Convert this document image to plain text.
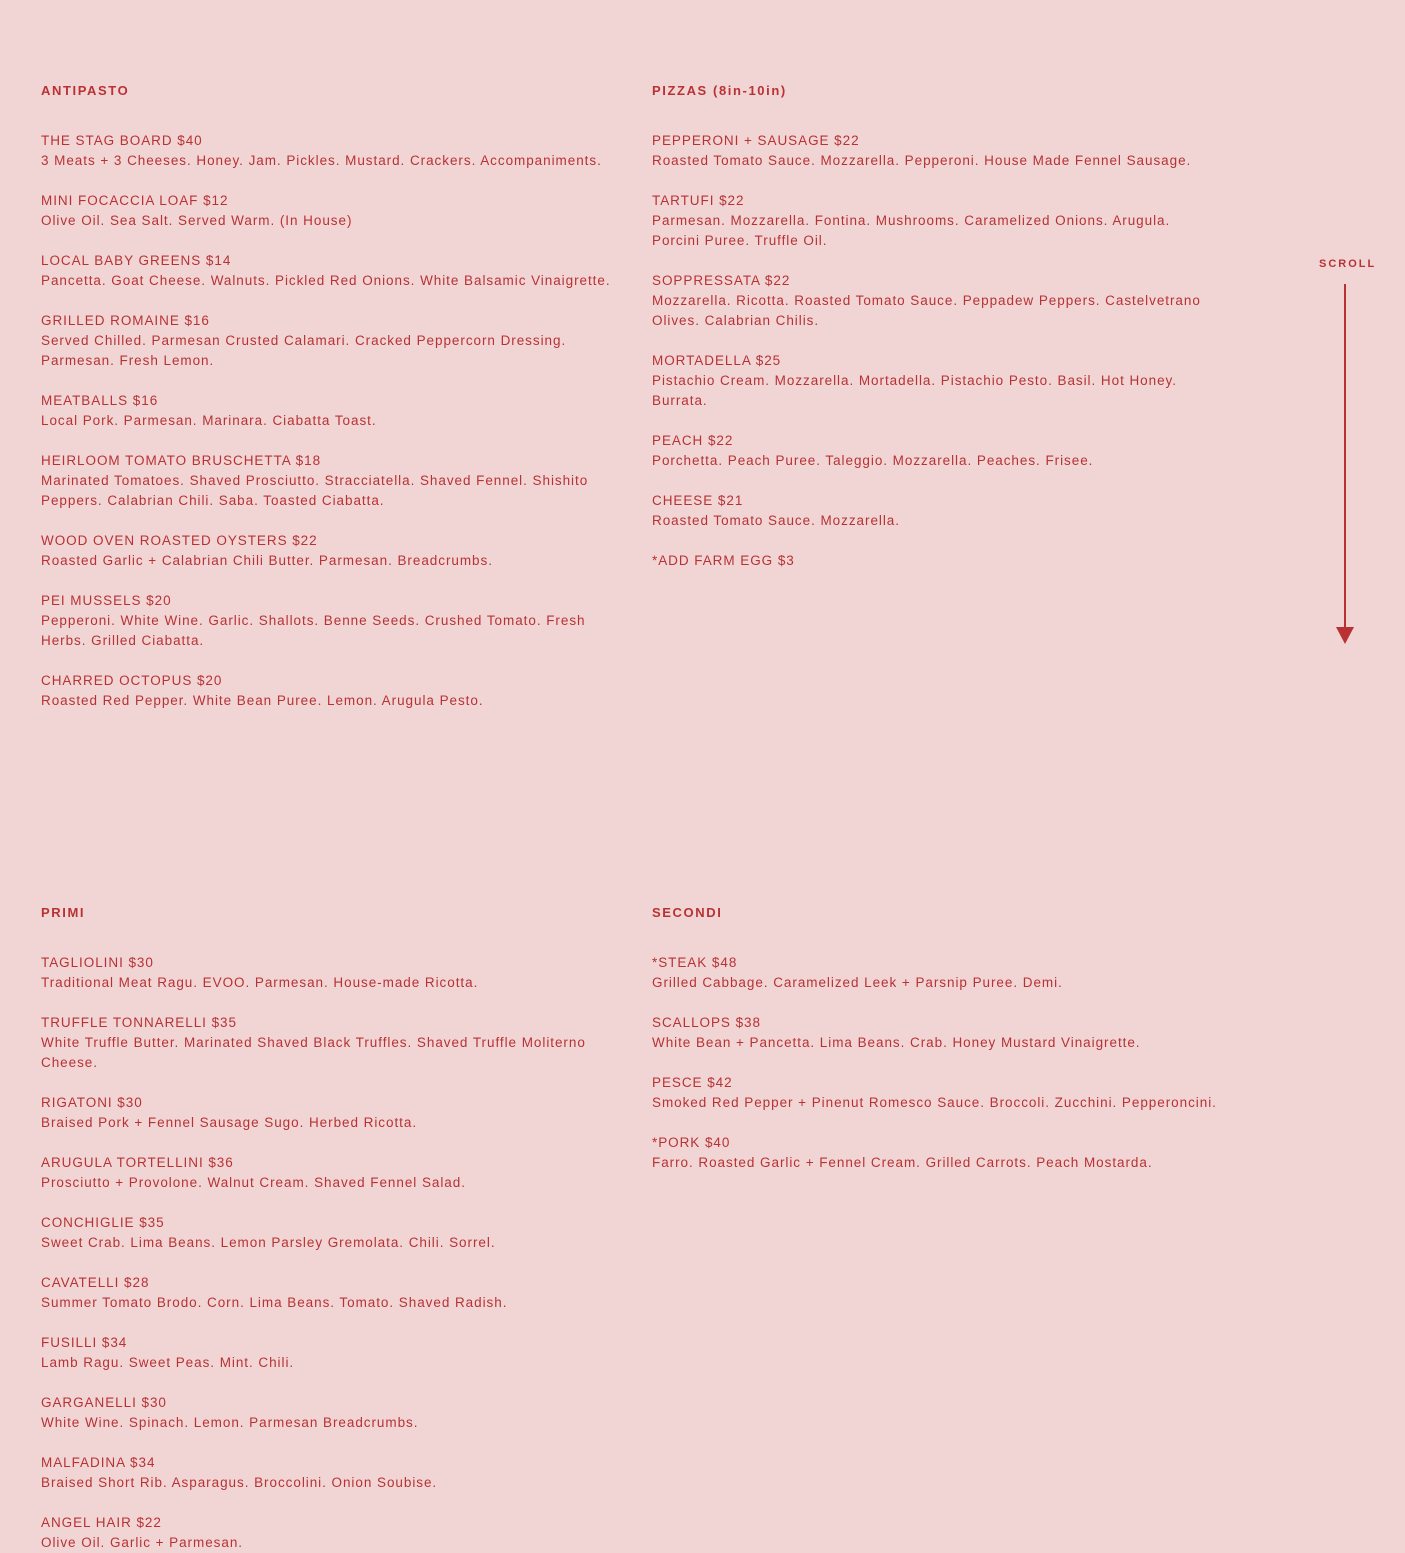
ANTIPASTO
THE STAG BOARD $40
3 Meats + 3 Cheeses. Honey. Jam. Pickles. Mustard. Crackers. Accompaniments.
MINI FOCACCIA LOAF $12
Olive Oil. Sea Salt. Served Warm. (In House)
LOCAL BABY GREENS $14
Pancetta. Goat Cheese. Walnuts. Pickled Red Onions. White Balsamic Vinaigrette.
GRILLED ROMAINE $16
Served Chilled. Parmesan Crusted Calamari. Cracked Peppercorn Dressing. Parmesan. Fresh Lemon.
MEATBALLS $16
Local Pork. Parmesan. Marinara. Ciabatta Toast.
HEIRLOOM TOMATO BRUSCHETTA $18
Marinated Tomatoes. Shaved Prosciutto. Stracciatella. Shaved Fennel. Shishito Peppers. Calabrian Chili. Saba. Toasted Ciabatta.
WOOD OVEN ROASTED OYSTERS $22
Roasted Garlic + Calabrian Chili Butter. Parmesan. Breadcrumbs.
PEI MUSSELS $20
Pepperoni. White Wine. Garlic. Shallots. Benne Seeds. Crushed Tomato. Fresh Herbs. Grilled Ciabatta.
CHARRED OCTOPUS $20
Roasted Red Pepper. White Bean Puree. Lemon. Arugula Pesto.
PIZZAS (8in-10in)
PEPPERONI + SAUSAGE $22
Roasted Tomato Sauce. Mozzarella. Pepperoni. House Made Fennel Sausage.
TARTUFI $22
Parmesan. Mozzarella. Fontina. Mushrooms. Caramelized Onions. Arugula. Porcini Puree. Truffle Oil.
SOPPRESSATA $22
Mozzarella. Ricotta. Roasted Tomato Sauce. Peppadew Peppers. Castelvetrano Olives. Calabrian Chilis.
MORTADELLA $25
Pistachio Cream. Mozzarella. Mortadella. Pistachio Pesto. Basil. Hot Honey. Burrata.
PEACH $22
Porchetta. Peach Puree. Taleggio. Mozzarella. Peaches. Frisee.
CHEESE $21
Roasted Tomato Sauce. Mozzarella.
*ADD FARM EGG $3
PRIMI
TAGLIOLINI $30
Traditional Meat Ragu. EVOO. Parmesan. House-made Ricotta.
TRUFFLE TONNARELLI $35
White Truffle Butter. Marinated Shaved Black Truffles. Shaved Truffle Moliterno Cheese.
RIGATONI $30
Braised Pork + Fennel Sausage Sugo. Herbed Ricotta.
ARUGULA TORTELLINI $36
Prosciutto + Provolone. Walnut Cream. Shaved Fennel Salad.
CONCHIGLIE $35
Sweet Crab. Lima Beans. Lemon Parsley Gremolata. Chili. Sorrel.
CAVATELLI $28
Summer Tomato Brodo. Corn. Lima Beans. Tomato. Shaved Radish.
FUSILLI $34
Lamb Ragu. Sweet Peas. Mint. Chili.
GARGANELLI $30
White Wine. Spinach. Lemon. Parmesan Breadcrumbs.
MALFADINA $34
Braised Short Rib. Asparagus. Broccolini. Onion Soubise.
ANGEL HAIR $22
Olive Oil. Garlic + Parmesan.
SECONDI
*STEAK $48
Grilled Cabbage. Caramelized Leek + Parsnip Puree. Demi.
SCALLOPS $38
White Bean + Pancetta. Lima Beans. Crab. Honey Mustard Vinaigrette.
PESCE $42
Smoked Red Pepper + Pinenut Romesco Sauce. Broccoli. Zucchini. Pepperoncini.
*PORK $40
Farro. Roasted Garlic + Fennel Cream. Grilled Carrots. Peach Mostarda.
SCROLL
